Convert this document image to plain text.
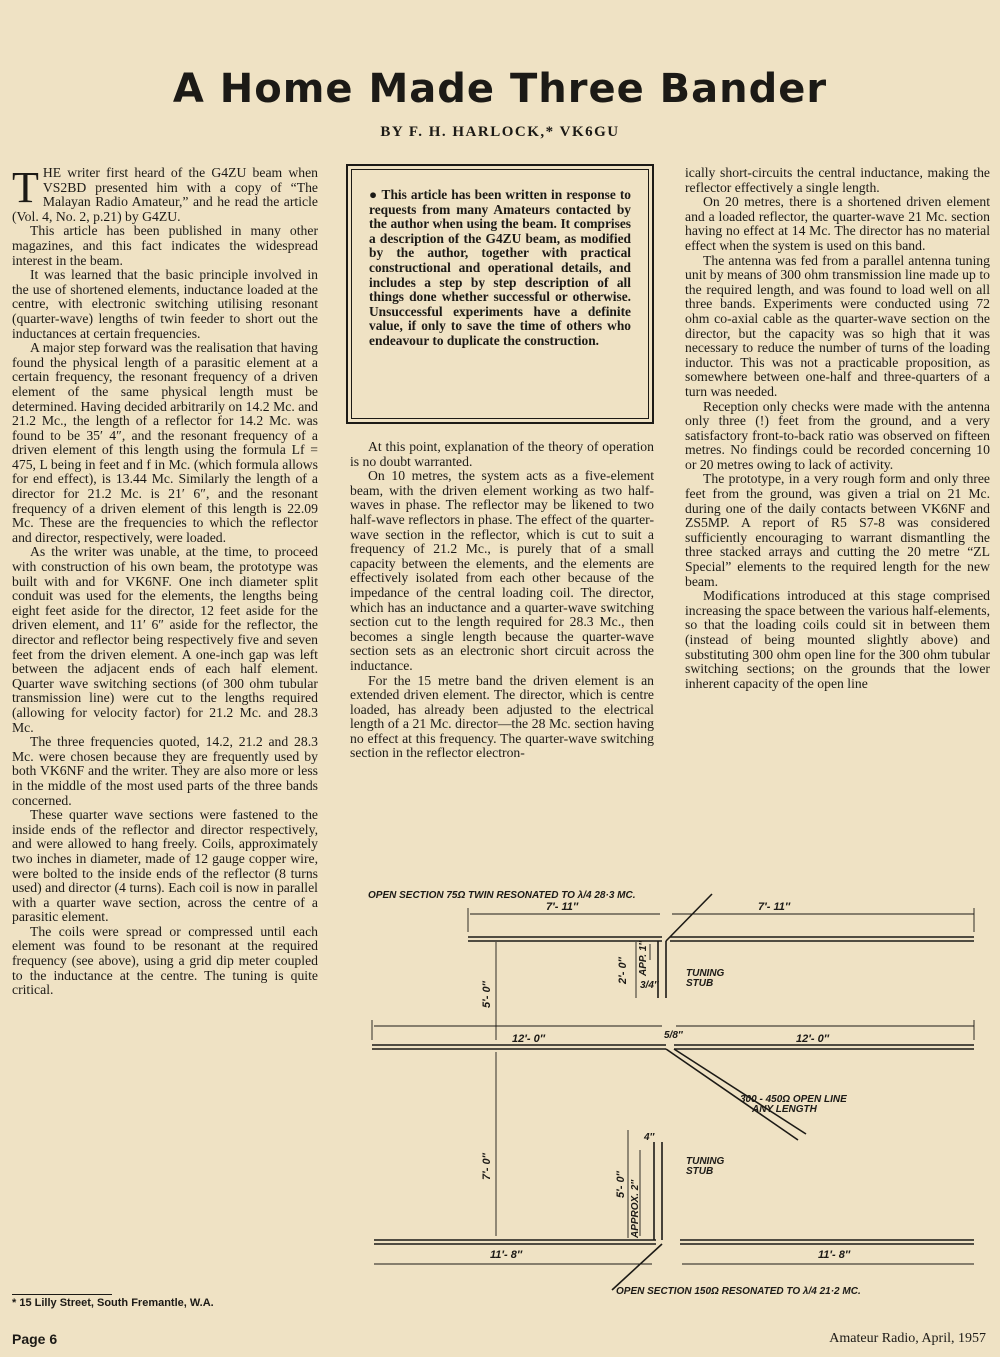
A Home Made Three Bander
BY F. H. HARLOCK,* VK6GU

THE writer first heard of the G4ZU beam when VS2BD presented him with a copy of “The Malayan Radio Amateur,” and he read the article (Vol. 4, No. 2, p.21) by G4ZU.

This article has been published in many other magazines, and this fact indicates the widespread interest in the beam.

It was learned that the basic principle involved in the use of shortened elements, inductance loaded at the centre, with electronic switching utilising resonant (quarter-wave) lengths of twin feeder to short out the inductances at certain frequencies.

A major step forward was the realisation that having found the physical length of a parasitic element at a certain frequency, the resonant frequency of a driven element of the same physical length must be determined. Having decided arbitrarily on 14.2 Mc. and 21.2 Mc., the length of a reflector for 14.2 Mc. was found to be 35′ 4″, and the resonant frequency of a driven element of this length using the formula Lf = 475, L being in feet and f in Mc. (which formula allows for end effect), is 13.44 Mc. Similarly the length of a director for 21.2 Mc. is 21′ 6″, and the resonant frequency of a driven element of this length is 22.09 Mc. These are the frequencies to which the reflector and director, respectively, were loaded.

As the writer was unable, at the time, to proceed with construction of his own beam, the prototype was built with and for VK6NF. One inch diameter split conduit was used for the elements, the lengths being eight feet aside for the director, 12 feet aside for the driven element, and 11′ 6″ aside for the reflector, the director and reflector being respectively five and seven feet from the driven element. A one-inch gap was left between the adjacent ends of each half element. Quarter wave switching sections (of 300 ohm tubular transmission line) were cut to the lengths required (allowing for velocity factor) for 21.2 Mc. and 28.3 Mc.

The three frequencies quoted, 14.2, 21.2 and 28.3 Mc. were chosen because they are frequently used by both VK6NF and the writer. They are also more or less in the middle of the most used parts of the three bands concerned.

These quarter wave sections were fastened to the inside ends of the reflector and director respectively, and were allowed to hang freely. Coils, approximately two inches in diameter, made of 12 gauge copper wire, were bolted to the inside ends of the reflector (8 turns used) and director (4 turns). Each coil is now in parallel with a quarter wave section, across the centre of a parasitic element.

The coils were spread or compressed until each element was found to be resonant at the required frequency (see above), using a grid dip meter coupled to the inductance at the centre. The tuning is quite critical.

● This article has been written in response to requests from many Amateurs contacted by the author when using the beam. It comprises a description of the G4ZU beam, as modified by the author, together with practical constructional and operational details, and includes a step by step description of all things done whether successful or otherwise. Unsuccessful experiments have a definite value, if only to save the time of others who endeavour to duplicate the construction.

At this point, explanation of the theory of operation is no doubt warranted.

On 10 metres, the system acts as a five-element beam, with the driven element working as two half-waves in phase. The reflector may be likened to two half-wave reflectors in phase. The effect of the quarter-wave section in the reflector, which is cut to suit a frequency of 21.2 Mc., is purely that of a small capacity between the elements, and the elements are effectively isolated from each other because of the impedance of the central loading coil. The director, which has an inductance and a quarter-wave switching section cut to the length required for 28.3 Mc., then becomes a single length because the quarter-wave section sets as an electronic short circuit across the inductance.

For the 15 metre band the driven element is an extended driven element. The director, which is centre loaded, has already been adjusted to the electrical length of a 21 Mc. director—the 28 Mc. section having no effect at this frequency. The quarter-wave switching section in the reflector electron-

ically short-circuits the central inductance, making the reflector effectively a single length.

On 20 metres, there is a shortened driven element and a loaded reflector, the quarter-wave 21 Mc. section having no effect at 14 Mc. The director has no material effect when the system is used on this band.

The antenna was fed from a parallel antenna tuning unit by means of 300 ohm transmission line made up to the required length, and was found to load well on all three bands. Experiments were conducted using 72 ohm co-axial cable as the quarter-wave section on the director, but the capacity was so high that it was necessary to reduce the number of turns of the loading inductor. This was not a practicable proposition, as somewhere between one-half and three-quarters of a turn was needed.

Reception only checks were made with the antenna only three (!) feet from the ground, and a very satisfactory front-to-back ratio was observed on fifteen metres. No findings could be recorded concerning 10 or 20 metres owing to lack of activity.

The prototype, in a very rough form and only three feet from the ground, was given a trial on 21 Mc. during one of the daily contacts between VK6NF and ZS5MP. A report of R5 S7-8 was considered sufficiently encouraging to warrant dismantling the three stacked arrays and cutting the 20 metre “ZL Special” elements to the required length for the new beam.

Modifications introduced at this stage comprised increasing the space between the various half-elements, so that the loading coils could sit in between them (instead of being mounted slightly above) and substituting 300 ohm open line for the 300 ohm tubular switching sections; on the grounds that the lower inherent capacity of the open line

OPEN SECTION 75Ω TWIN RESONATED TO λ/4 28·3 MC.
7′- 11″	7′- 11″
APP. 1″
2′- 0″
3/4″
TUNING
STUB
5′- 0″
12′- 0″	5/8″	12′- 0″
300 - 450Ω OPEN LINE
ANY LENGTH
7′- 0″
4″
TUNING
STUB
5′- 0″ APPROX. 2″
11′- 8″	11′- 8″
OPEN SECTION 150Ω RESONATED TO λ/4 21·2 MC.
* 15 Lilly Street, South Fremantle, W.A.
Page 6	Amateur Radio, April, 1957
